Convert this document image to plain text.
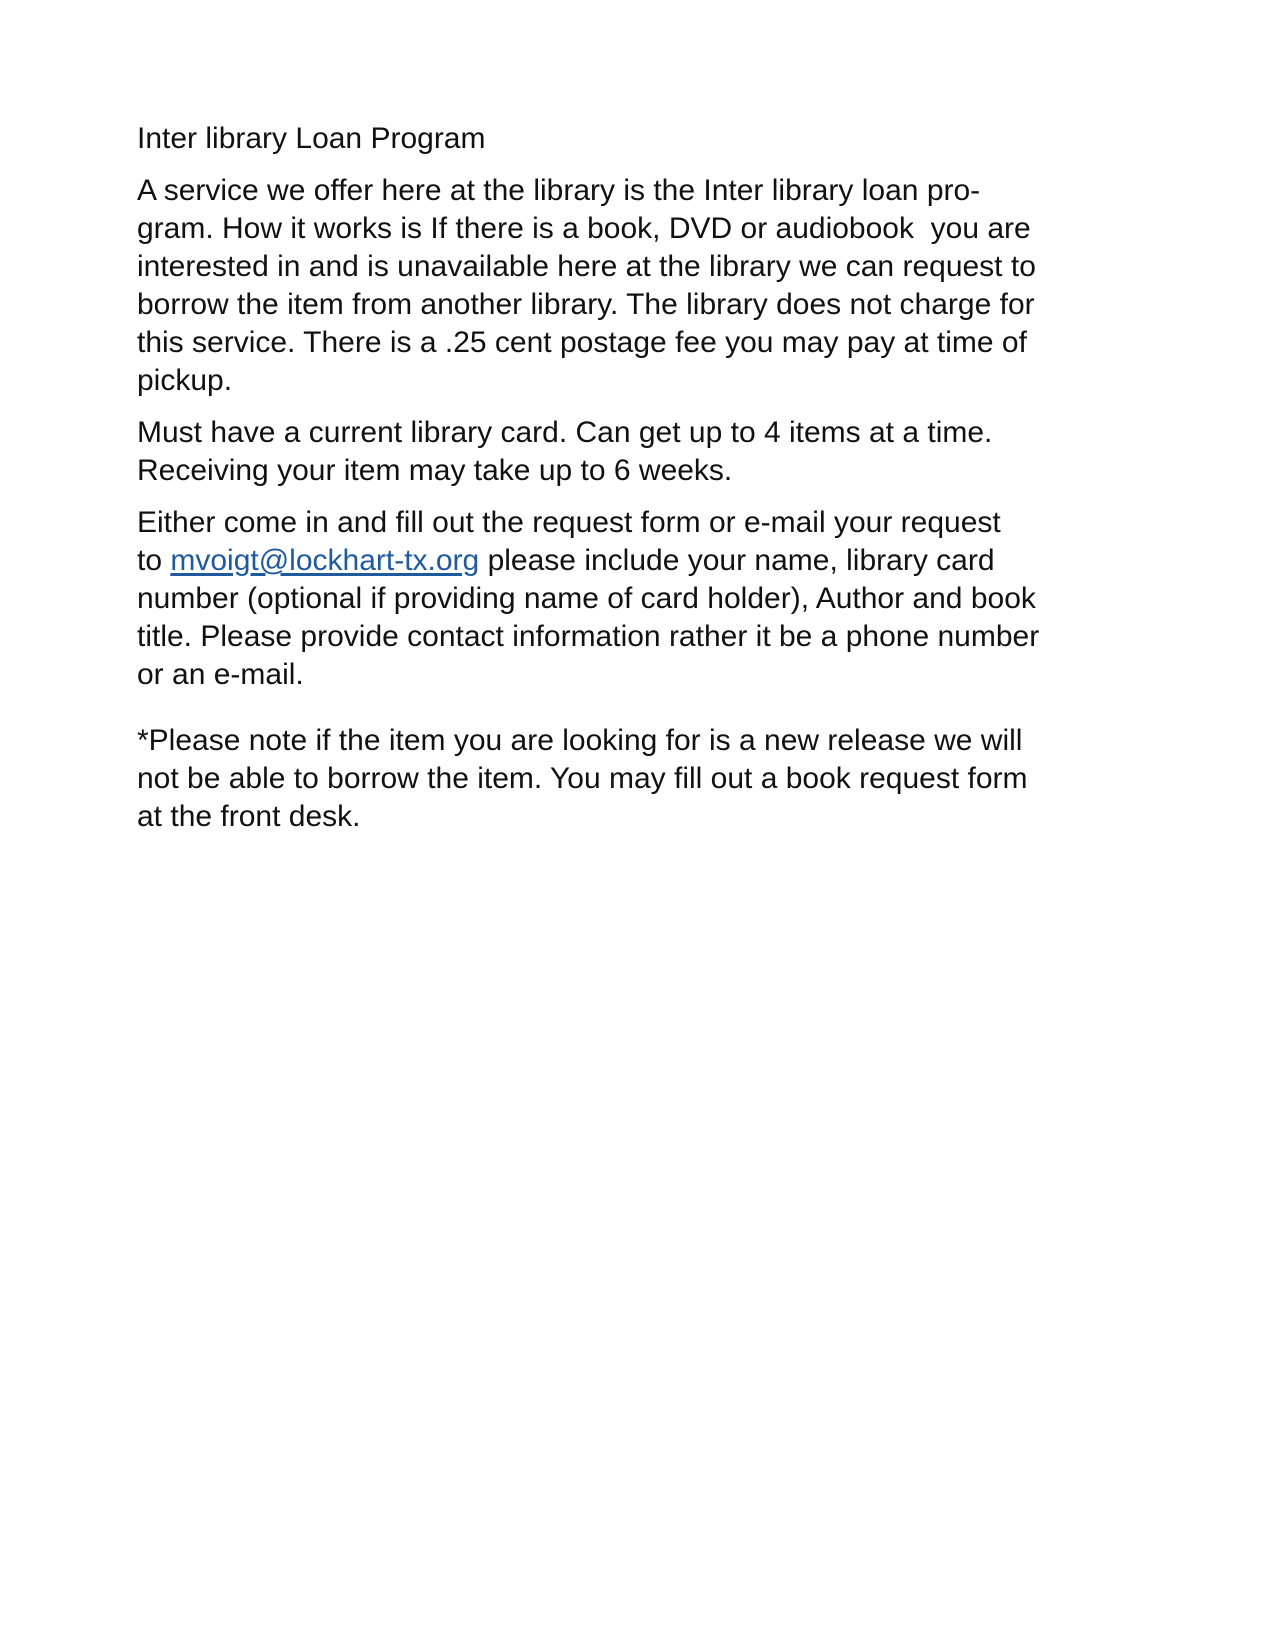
Inter library Loan Program

A service we offer here at the library is the Inter library loan pro-

gram. How it works is If there is a book, DVD or audiobook  you are

interested in and is unavailable here at the library we can request to

borrow the item from another library. The library does not charge for

this service. There is a .25 cent postage fee you may pay at time of

pickup.

Must have a current library card. Can get up to 4 items at a time.

Receiving your item may take up to 6 weeks.

Either come in and fill out the request form or e-mail your request

to mvoigt@lockhart-tx.org please include your name, library card

number (optional if providing name of card holder), Author and book

title. Please provide contact information rather it be a phone number

or an e-mail.

*Please note if the item you are looking for is a new release we will

not be able to borrow the item. You may fill out a book request form

at the front desk.
